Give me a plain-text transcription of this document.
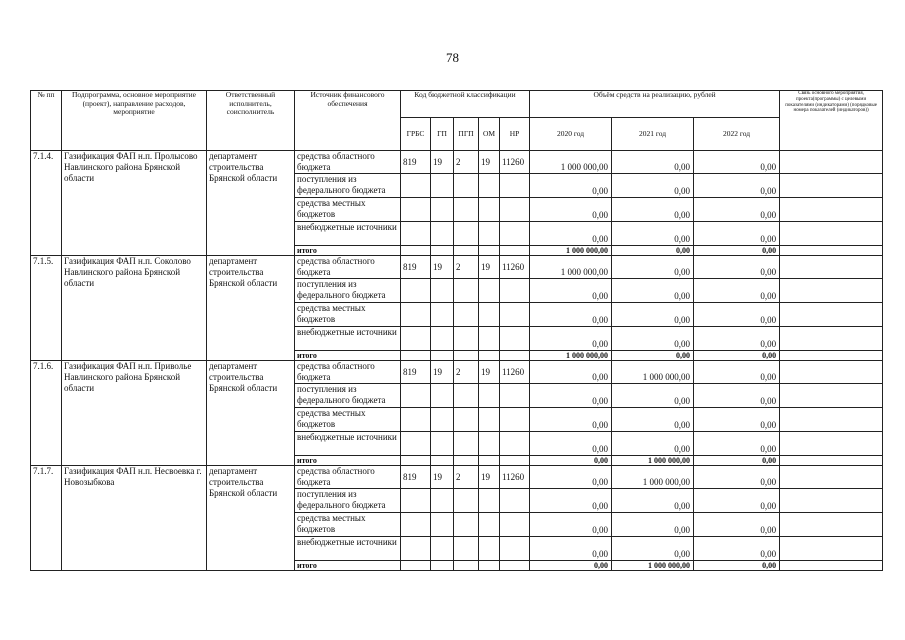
78
№ пп	Подпрограмма, основное мероприятие (проект), направление расходов, мероприятие	Ответственный исполнитель, соисполнитель	Источник финансового обеспечения	Код бюджетной классификации					Объём средств на реализацию, рублей			Связь основного мероприятия, проекта(программы) с целевыми показателями (индикаторами) (порядковые номера показателей (индикаторов))
				ГРБС	ГП	ПГП	ОМ	НР	2020 год	2021 год	2022 год	
7.1.4.	Газификация ФАП н.п. Пролысово Навлинского района Брянской области	департамент строительства Брянской области	средства областного бюджета	819	19	2	19	11260	1 000 000,00	0,00	0,00	
			поступления из федерального бюджета						0,00	0,00	0,00	
			средства местных бюджетов						0,00	0,00	0,00	
			внебюджетные источники						0,00	0,00	0,00	
			итого						1 000 000,00	0,00	0,00	
7.1.5.	Газификация ФАП н.п. Соколово Навлинского района Брянской области	департамент строительства Брянской области	средства областного бюджета	819	19	2	19	11260	1 000 000,00	0,00	0,00	
			поступления из федерального бюджета						0,00	0,00	0,00	
			средства местных бюджетов						0,00	0,00	0,00	
			внебюджетные источники						0,00	0,00	0,00	
			итого						1 000 000,00	0,00	0,00	
7.1.6.	Газификация ФАП н.п. Приволье Навлинского района Брянской области	департамент строительства Брянской области	средства областного бюджета	819	19	2	19	11260	0,00	1 000 000,00	0,00	
			поступления из федерального бюджета						0,00	0,00	0,00	
			средства местных бюджетов						0,00	0,00	0,00	
			внебюджетные источники						0,00	0,00	0,00	
			итого						0,00	1 000 000,00	0,00	
7.1.7.	Газификация ФАП н.п. Несвоевка г. Новозыбкова	департамент строительства Брянской области	средства областного бюджета	819	19	2	19	11260	0,00	1 000 000,00	0,00	
			поступления из федерального бюджета						0,00	0,00	0,00	
			средства местных бюджетов						0,00	0,00	0,00	
			внебюджетные источники						0,00	0,00	0,00	
			итого						0,00	1 000 000,00	0,00	
